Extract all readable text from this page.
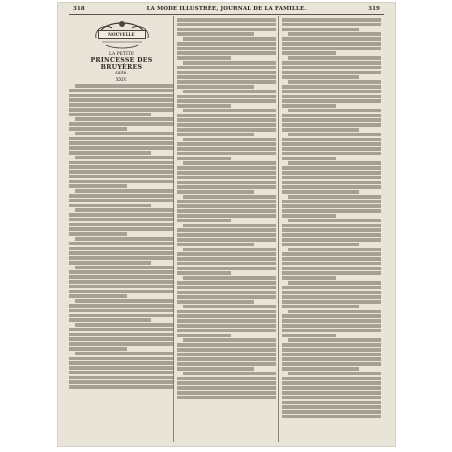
318	LA MODE ILLUSTRÉE, JOURNAL DE LA FAMILLE.	319
NOUVELLE
LA PETITE
PRINCESSE DES BRUYÈRES
suite.
XXIV.
